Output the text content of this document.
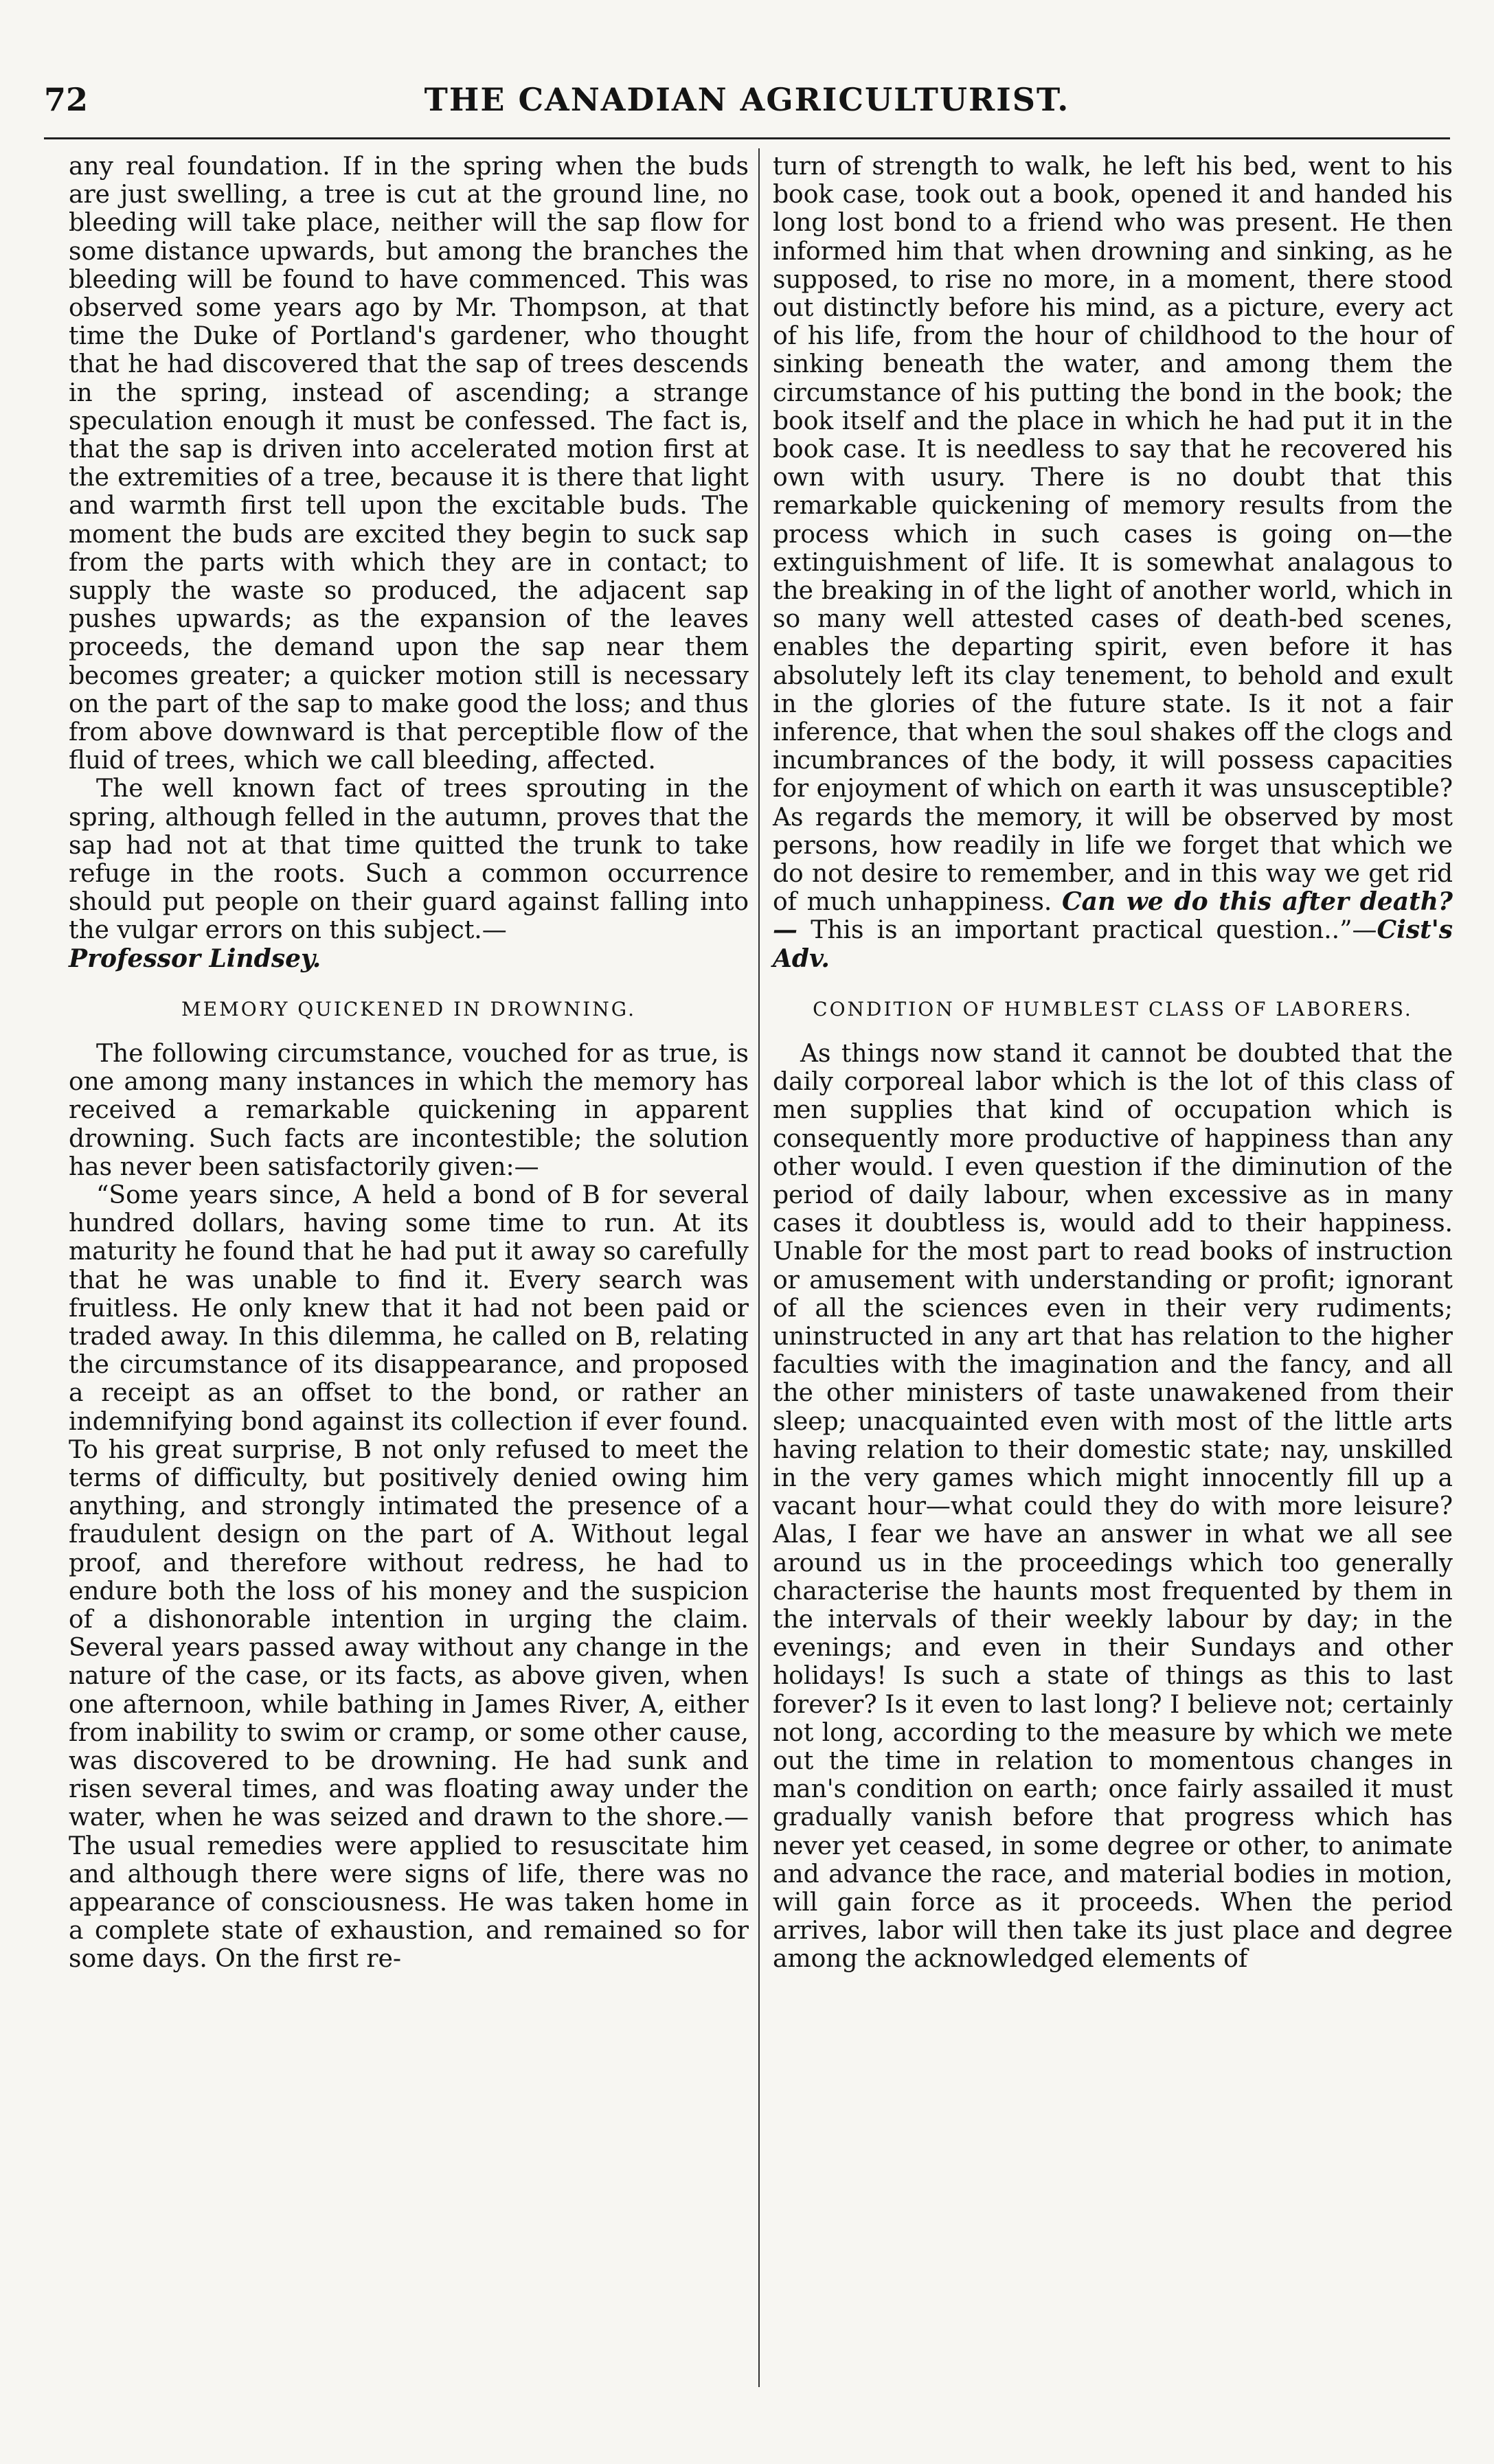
72	THE CANADIAN AGRICULTURIST.

any real foundation. If in the spring when the buds are just swelling, a tree is cut at the ground line, no bleeding will take place, neither will the sap flow for some distance upwards, but among the branches the bleeding will be found to have commenced. This was observed some years ago by Mr. Thompson, at that time the Duke of Portland's gardener, who thought that he had discovered that the sap of trees descends in the spring, instead of ascending; a strange speculation enough it must be confessed. The fact is, that the sap is driven into accelerated motion first at the extremities of a tree, because it is there that light and warmth first tell upon the excitable buds. The moment the buds are excited they begin to suck sap from the parts with which they are in contact; to supply the waste so produced, the adjacent sap pushes upwards; as the expansion of the leaves proceeds, the demand upon the sap near them becomes greater; a quicker motion still is necessary on the part of the sap to make good the loss; and thus from above downward is that perceptible flow of the fluid of trees, which we call bleeding, affected.

The well known fact of trees sprouting in the spring, although felled in the autumn, proves that the sap had not at that time quitted the trunk to take refuge in the roots. Such a common occurrence should put people on their guard against falling into the vulgar errors on this subject.—
Professor Lindsey.

MEMORY QUICKENED IN DROWNING.

The following circumstance, vouched for as true, is one among many instances in which the memory has received a remarkable quickening in apparent drowning. Such facts are incontestible; the solution has never been satisfactorily given:—

“Some years since, A held a bond of B for several hundred dollars, having some time to run. At its maturity he found that he had put it away so carefully that he was unable to find it. Every search was fruitless. He only knew that it had not been paid or traded away. In this dilemma, he called on B, relating the circumstance of its disappearance, and proposed a receipt as an offset to the bond, or rather an indemnifying bond against its collection if ever found. To his great surprise, B not only refused to meet the terms of difficulty, but positively denied owing him anything, and strongly intimated the presence of a fraudulent design on the part of A. Without legal proof, and therefore without redress, he had to endure both the loss of his money and the suspicion of a dishonorable intention in urging the claim. Several years passed away without any change in the nature of the case, or its facts, as above given, when one afternoon, while bathing in James River, A, either from inability to swim or cramp, or some other cause, was discovered to be drowning. He had sunk and risen several times, and was floating away under the water, when he was seized and drawn to the shore.— The usual remedies were applied to resuscitate him and although there were signs of life, there was no appearance of consciousness. He was taken home in a complete state of exhaustion, and remained so for some days. On the first re-

turn of strength to walk, he left his bed, went to his book case, took out a book, opened it and handed his long lost bond to a friend who was present. He then informed him that when drowning and sinking, as he supposed, to rise no more, in a moment, there stood out distinctly before his mind, as a picture, every act of his life, from the hour of childhood to the hour of sinking beneath the water, and among them the circumstance of his putting the bond in the book; the book itself and the place in which he had put it in the book case. It is needless to say that he recovered his own with usury. There is no doubt that this remarkable quickening of memory results from the process which in such cases is going on—the extinguishment of life. It is somewhat analagous to the breaking in of the light of another world, which in so many well attested cases of death-bed scenes, enables the departing spirit, even before it has absolutely left its clay tenement, to behold and exult in the glories of the future state. Is it not a fair inference, that when the soul shakes off the clogs and incumbrances of the body, it will possess capacities for enjoyment of which on earth it was unsusceptible? As regards the memory, it will be observed by most persons, how readily in life we forget that which we do not desire to remember, and in this way we get rid of much unhappiness. Can we do this after death?— This is an important practical question..”—Cist's Adv.

CONDITION OF HUMBLEST CLASS OF LABORERS.

As things now stand it cannot be doubted that the daily corporeal labor which is the lot of this class of men supplies that kind of occupation which is consequently more productive of happiness than any other would. I even question if the diminution of the period of daily labour, when excessive as in many cases it doubtless is, would add to their happiness. Unable for the most part to read books of instruction or amusement with understanding or profit; ignorant of all the sciences even in their very rudiments; uninstructed in any art that has relation to the higher faculties with the imagination and the fancy, and all the other ministers of taste unawakened from their sleep; unacquainted even with most of the little arts having relation to their domestic state; nay, unskilled in the very games which might innocently fill up a vacant hour—what could they do with more leisure? Alas, I fear we have an answer in what we all see around us in the proceedings which too generally characterise the haunts most frequented by them in the intervals of their weekly labour by day; in the evenings; and even in their Sundays and other holidays! Is such a state of things as this to last forever? Is it even to last long? I believe not; certainly not long, according to the measure by which we mete out the time in relation to momentous changes in man's condition on earth; once fairly assailed it must gradually vanish before that progress which has never yet ceased, in some degree or other, to animate and advance the race, and material bodies in motion, will gain force as it proceeds. When the period arrives, labor will then take its just place and degree among the acknowledged elements of
